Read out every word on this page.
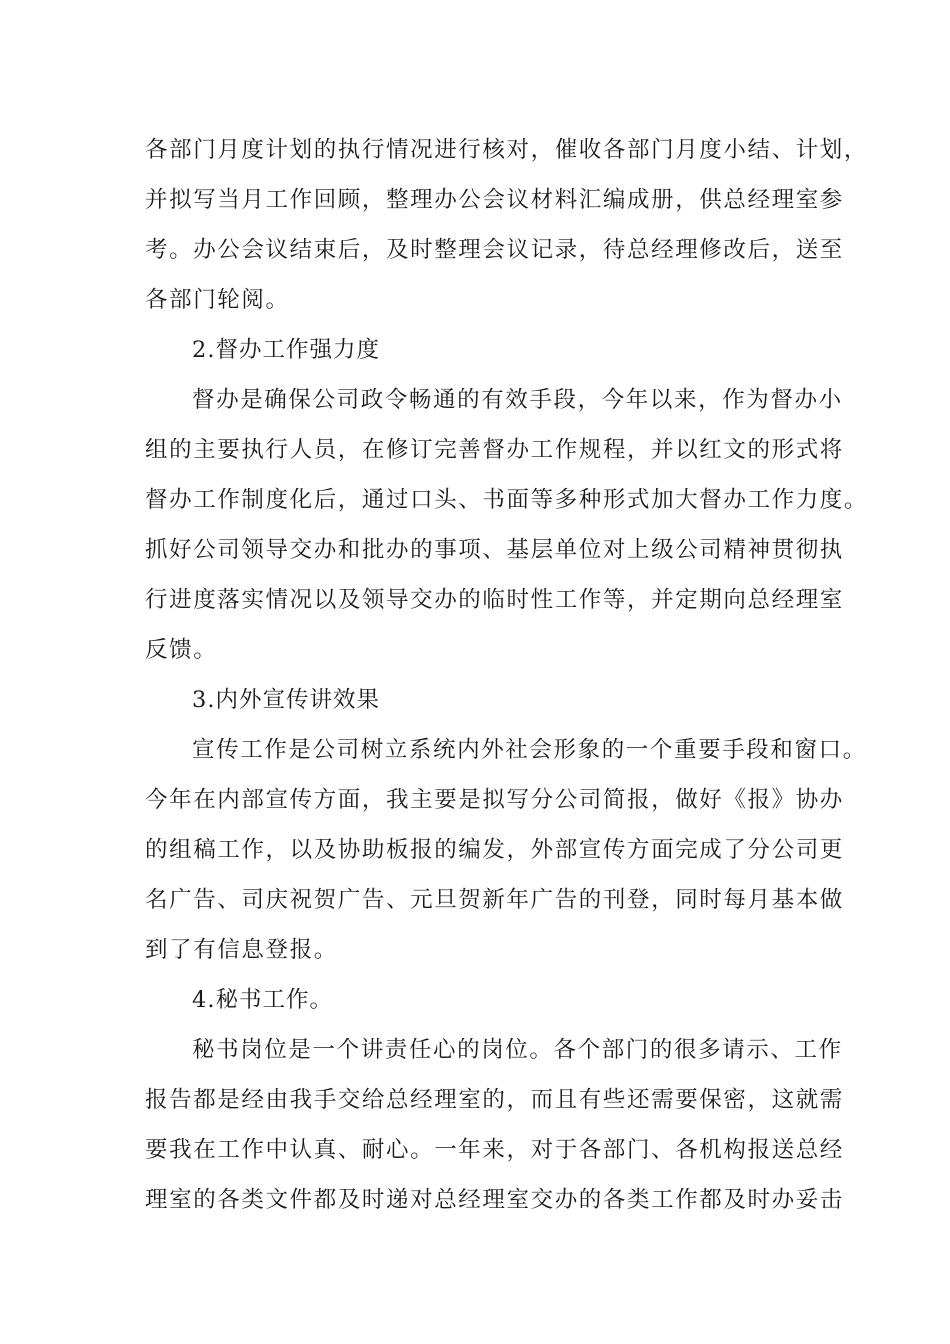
各部门月度计划的执行情况进行核对，催收各部门月度小结、计划，
并拟写当月工作回顾，整理办公会议材料汇编成册，供总经理室参
考。办公会议结束后，及时整理会议记录，待总经理修改后，送至
各部门轮阅。
2.督办工作强力度
督办是确保公司政令畅通的有效手段，今年以来，作为督办小
组的主要执行人员，在修订完善督办工作规程，并以红文的形式将
督办工作制度化后，通过口头、书面等多种形式加大督办工作力度。
抓好公司领导交办和批办的事项、基层单位对上级公司精神贯彻执
行进度落实情况以及领导交办的临时性工作等，并定期向总经理室
反馈。
3.内外宣传讲效果
宣传工作是公司树立系统内外社会形象的一个重要手段和窗口。
今年在内部宣传方面，我主要是拟写分公司简报，做好《报》协办
的组稿工作，以及协助板报的编发，外部宣传方面完成了分公司更
名广告、司庆祝贺广告、元旦贺新年广告的刊登，同时每月基本做
到了有信息登报。
4.秘书工作。
秘书岗位是一个讲责任心的岗位。各个部门的很多请示、工作
报告都是经由我手交给总经理室的，而且有些还需要保密，这就需
要我在工作中认真、耐心。一年来，对于各部门、各机构报送总经
理室的各类文件都及时递对总经理室交办的各类工作都及时办妥击
